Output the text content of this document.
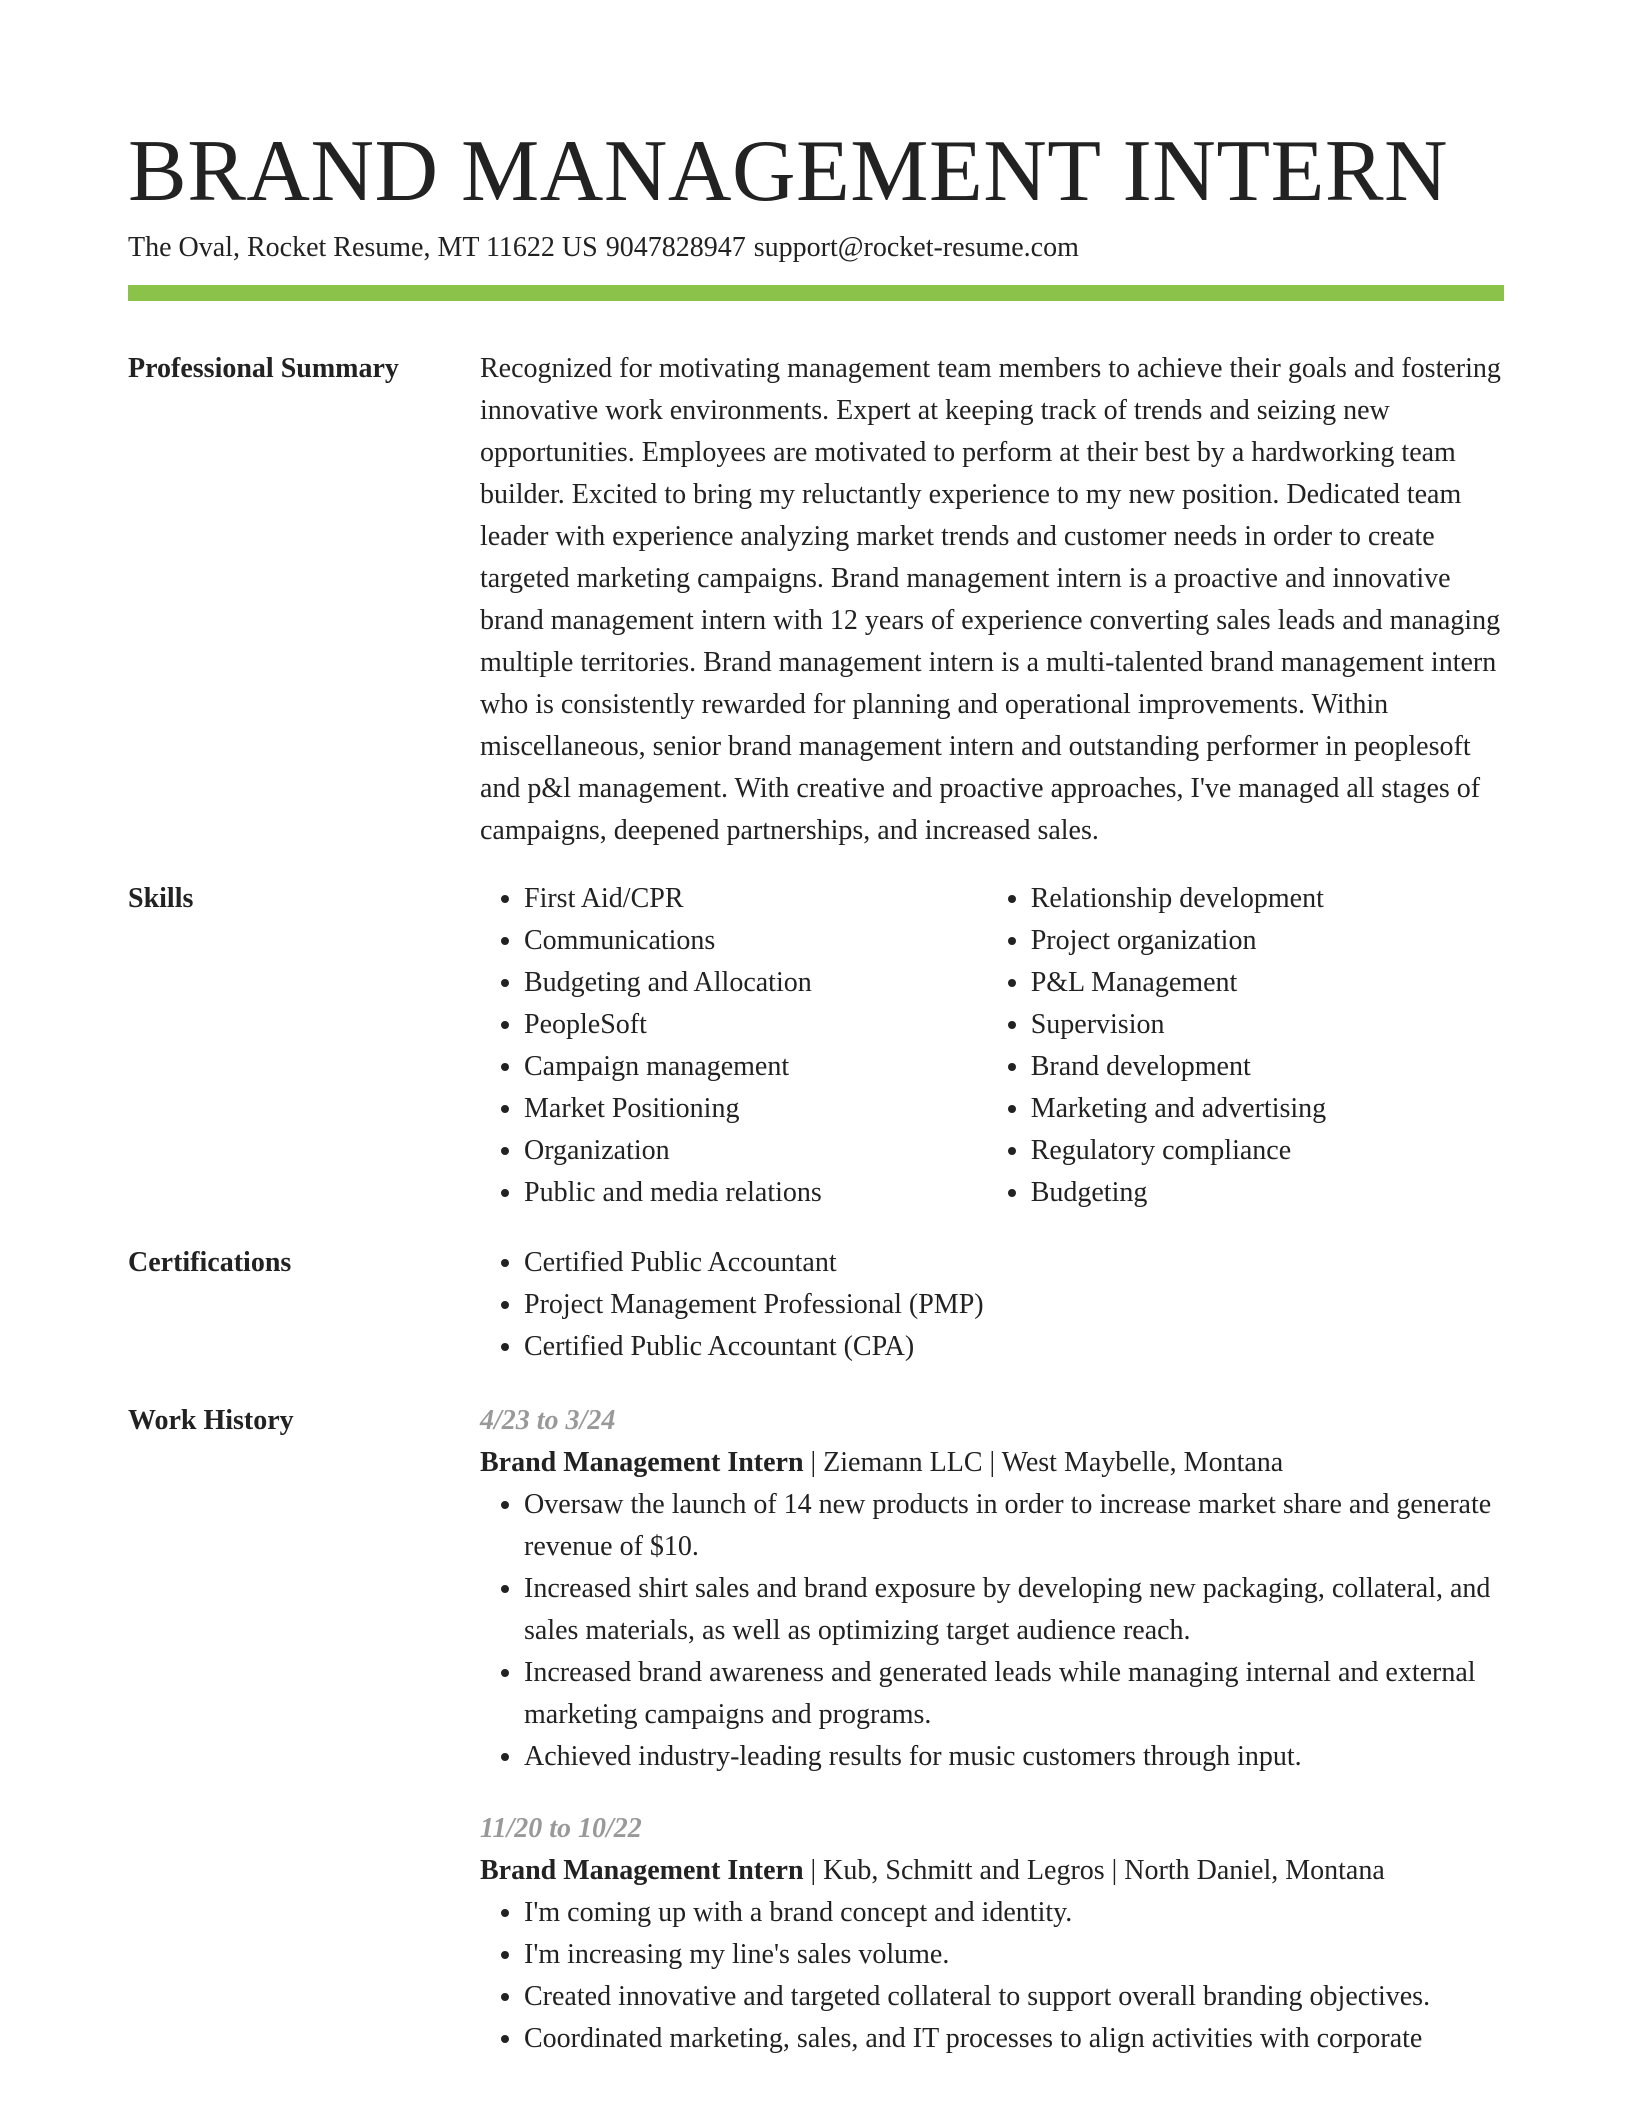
BRAND MANAGEMENT INTERN
The Oval, Rocket Resume, MT 11622 US 9047828947 support@rocket-resume.com
Professional Summary	Recognized for motivating management team members to achieve their goals and fostering innovative work environments. Expert at keeping track of trends and seizing new opportunities. Employees are motivated to perform at their best by a hardworking team builder. Excited to bring my reluctantly experience to my new position. Dedicated team leader with experience analyzing market trends and customer needs in order to create targeted marketing campaigns. Brand management intern is a proactive and innovative brand management intern with 12 years of experience converting sales leads and managing multiple territories. Brand management intern is a multi-talented brand management intern who is consistently rewarded for planning and operational improvements. Within miscellaneous, senior brand management intern and outstanding performer in peoplesoft and p&l management. With creative and proactive approaches, I've managed all stages of campaigns, deepened partnerships, and increased sales.

Skills	• First Aid/CPR
• Communications
• Budgeting and Allocation
• PeopleSoft
• Campaign management
• Market Positioning
• Organization
• Public and media relations
• Relationship development
• Project organization
• P&L Management
• Supervision
• Brand development
• Marketing and advertising
• Regulatory compliance
• Budgeting
Certifications	• Certified Public Accountant
• Project Management Professional (PMP)
• Certified Public Accountant (CPA)
Work History	4/23 to 3/24
Brand Management Intern | Ziemann LLC | West Maybelle, Montana
• Oversaw the launch of 14 new products in order to increase market share and generate revenue of $10.
• Increased shirt sales and brand exposure by developing new packaging, collateral, and sales materials, as well as optimizing target audience reach.
• Increased brand awareness and generated leads while managing internal and external marketing campaigns and programs.
• Achieved industry-leading results for music customers through input.
11/20 to 10/22
Brand Management Intern | Kub, Schmitt and Legros | North Daniel, Montana
• I'm coming up with a brand concept and identity.
• I'm increasing my line's sales volume.
• Created innovative and targeted collateral to support overall branding objectives.
• Coordinated marketing, sales, and IT processes to align activities with corporate
